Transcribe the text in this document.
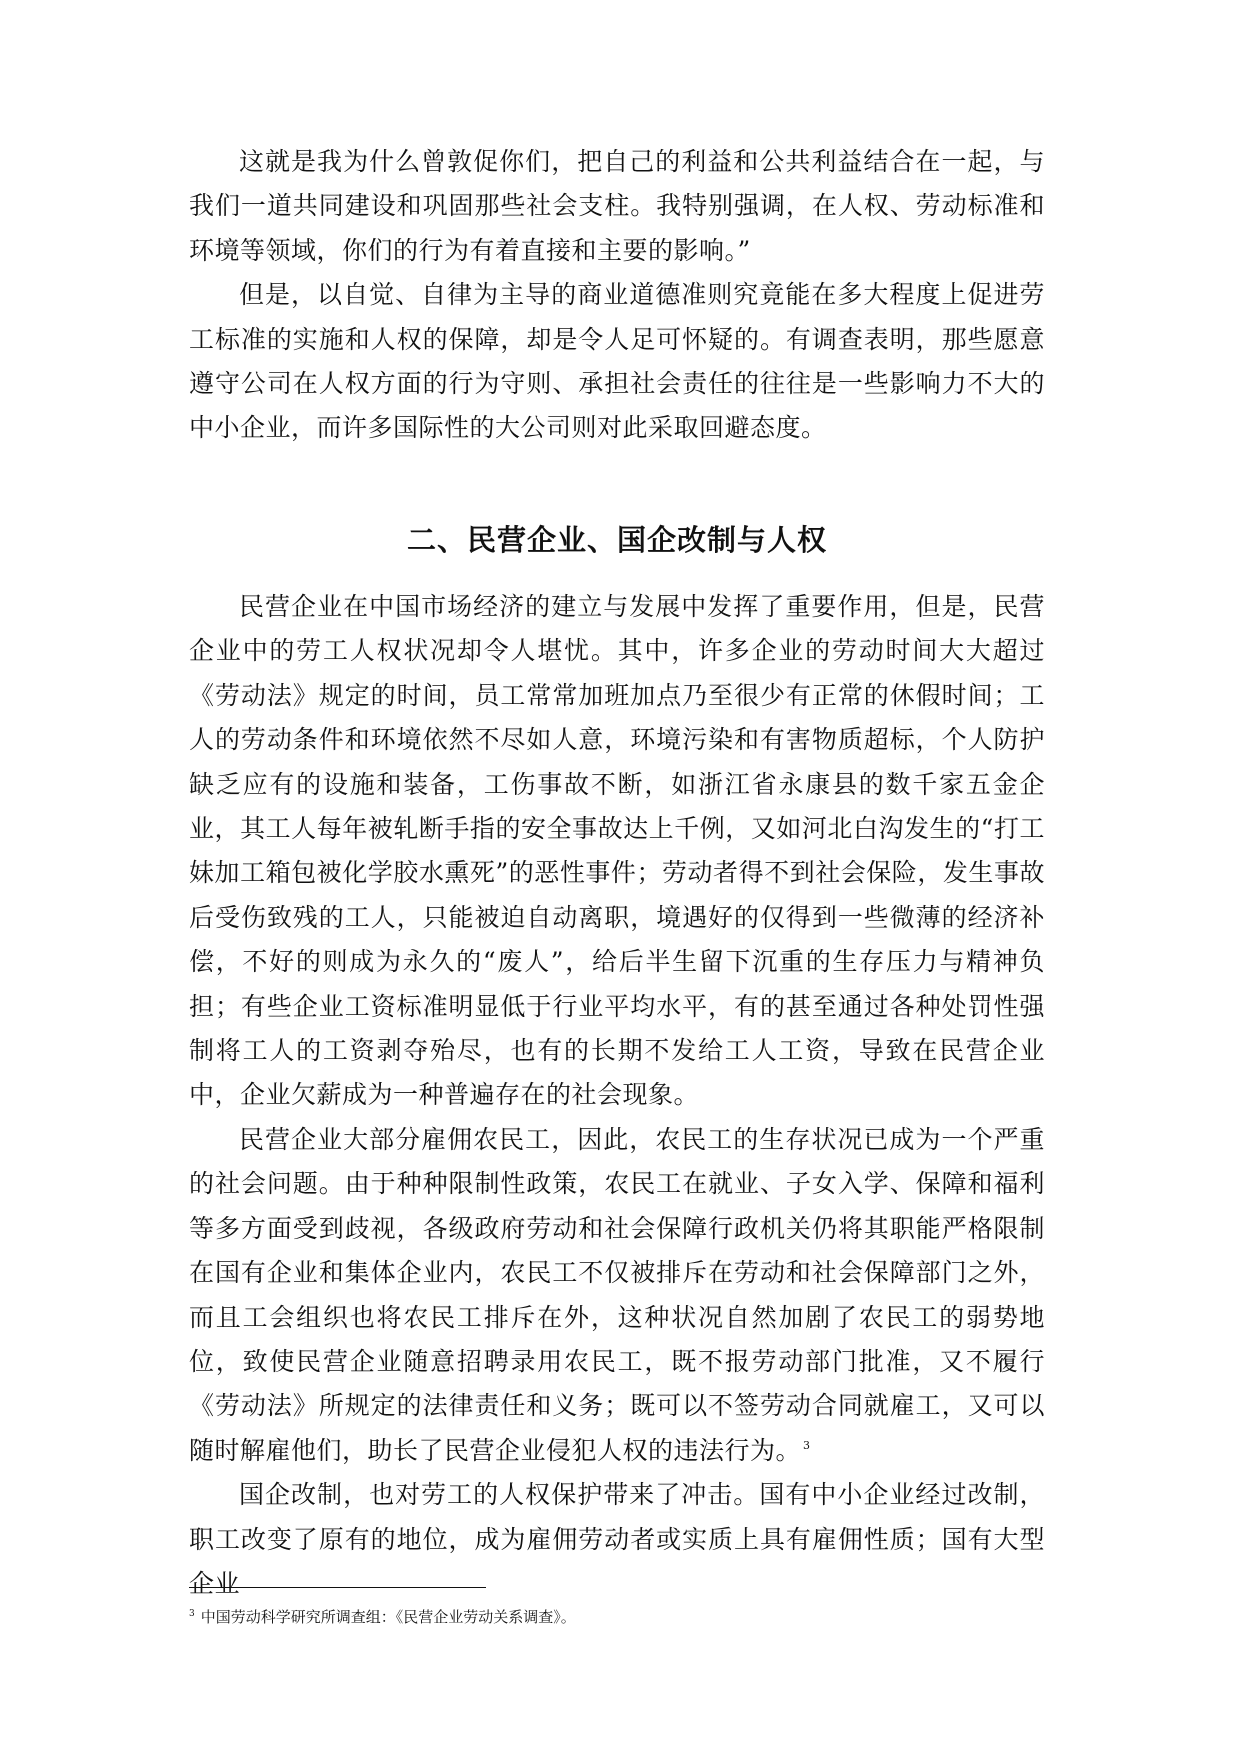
这就是我为什么曾敦促你们，把自己的利益和公共利益结合在一起，与我们一道共同建设和巩固那些社会支柱。我特别强调，在人权、劳动标准和环境等领域，你们的行为有着直接和主要的影响。”

但是，以自觉、自律为主导的商业道德准则究竟能在多大程度上促进劳工标准的实施和人权的保障，却是令人足可怀疑的。有调查表明，那些愿意遵守公司在人权方面的行为守则、承担社会责任的往往是一些影响力不大的中小企业，而许多国际性的大公司则对此采取回避态度。

二、民营企业、国企改制与人权

民营企业在中国市场经济的建立与发展中发挥了重要作用，但是，民营企业中的劳工人权状况却令人堪忧。其中，许多企业的劳动时间大大超过《劳动法》规定的时间，员工常常加班加点乃至很少有正常的休假时间；工人的劳动条件和环境依然不尽如人意，环境污染和有害物质超标，个人防护缺乏应有的设施和装备，工伤事故不断，如浙江省永康县的数千家五金企业，其工人每年被轧断手指的安全事故达上千例，又如河北白沟发生的“打工妹加工箱包被化学胶水熏死”的恶性事件；劳动者得不到社会保险，发生事故后受伤致残的工人，只能被迫自动离职，境遇好的仅得到一些微薄的经济补偿，不好的则成为永久的“废人”，给后半生留下沉重的生存压力与精神负担；有些企业工资标准明显低于行业平均水平，有的甚至通过各种处罚性强制将工人的工资剥夺殆尽，也有的长期不发给工人工资，导致在民营企业中，企业欠薪成为一种普遍存在的社会现象。

民营企业大部分雇佣农民工，因此，农民工的生存状况已成为一个严重的社会问题。由于种种限制性政策，农民工在就业、子女入学、保障和福利等多方面受到歧视，各级政府劳动和社会保障行政机关仍将其职能严格限制在国有企业和集体企业内，农民工不仅被排斥在劳动和社会保障部门之外，而且工会组织也将农民工排斥在外，这种状况自然加剧了农民工的弱势地位，致使民营企业随意招聘录用农民工，既不报劳动部门批准，又不履行《劳动法》所规定的法律责任和义务；既可以不签劳动合同就雇工，又可以随时解雇他们，助长了民营企业侵犯人权的违法行为。 $^3$

国企改制，也对劳工的人权保护带来了冲击。国有中小企业经过改制，职工改变了原有的地位，成为雇佣劳动者或实质上具有雇佣性质；国有大型企业

$^3$ 中国劳动科学研究所调查组：《民营企业劳动关系调查》。
